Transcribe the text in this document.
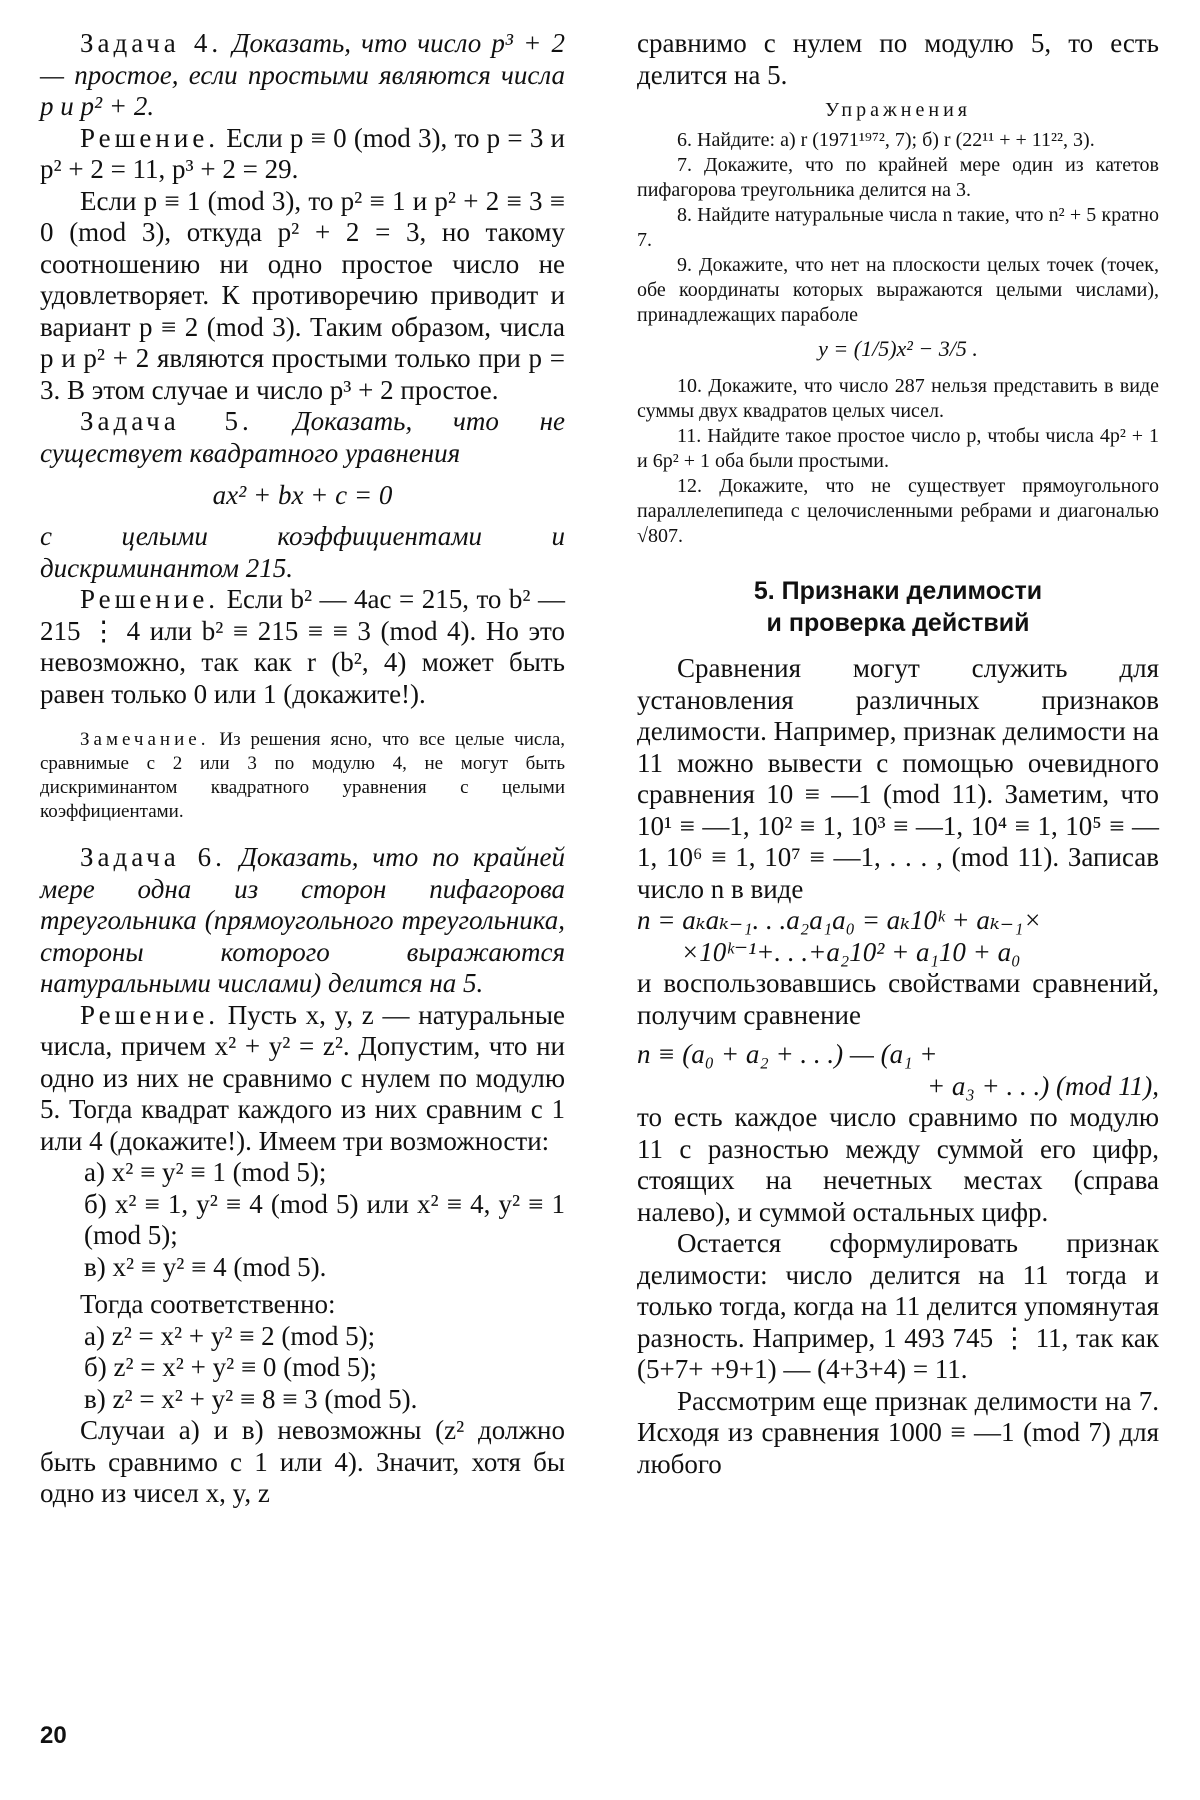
Задача 4. Доказать, что число p³ + 2 — простое, если простыми являются числа p и p² + 2.

Решение. Если p ≡ 0 (mod 3), то p = 3 и p² + 2 = 11, p³ + 2 = 29.

Если p ≡ 1 (mod 3), то p² ≡ 1 и p² + 2 ≡ 3 ≡ 0 (mod 3), откуда p² + 2 = 3, но такому соотношению ни одно простое число не удовлетворяет. К противоречию приводит и вариант p ≡ 2 (mod 3). Таким образом, числа p и p² + 2 являются простыми только при p = 3. В этом случае и число p³ + 2 простое.

Задача 5. Доказать, что не существует квадратного уравнения

ax² + bx + c = 0

с целыми коэффициентами и дискриминантом 215.

Решение. Если b² — 4ac = 215, то b² — 215 ⋮ 4 или b² ≡ 215 ≡ ≡ 3 (mod 4). Но это невозможно, так как r (b², 4) может быть равен только 0 или 1 (докажите!).

Замечание. Из решения ясно, что все целые числа, сравнимые с 2 или 3 по модулю 4, не могут быть дискриминантом квадратного уравнения с целыми коэффициентами.

Задача 6. Доказать, что по крайней мере одна из сторон пифагорова треугольника (прямоугольного треугольника, стороны которого выражаются натуральными числами) делится на 5.

Решение. Пусть x, y, z — натуральные числа, причем x² + y² = z². Допустим, что ни одно из них не сравнимо с нулем по модулю 5. Тогда квадрат каждого из них сравним с 1 или 4 (докажите!). Имеем три возможности:

а) x² ≡ y² ≡ 1 (mod 5);

б) x² ≡ 1, y² ≡ 4 (mod 5) или x² ≡ 4, y² ≡ 1 (mod 5);

в) x² ≡ y² ≡ 4 (mod 5).

Тогда соответственно:

а) z² = x² + y² ≡ 2 (mod 5);

б) z² = x² + y² ≡ 0 (mod 5);

в) z² = x² + y² ≡ 8 ≡ 3 (mod 5).

Случаи а) и в) невозможны (z² должно быть сравнимо с 1 или 4). Значит, хотя бы одно из чисел x, y, z

сравнимо с нулем по модулю 5, то есть делится на 5.

Упражнения

6. Найдите: а) r (1971¹⁹⁷², 7); б) r (22¹¹ + + 11²², 3).

7. Докажите, что по крайней мере один из катетов пифагорова треугольника делится на 3.

8. Найдите натуральные числа n такие, что n² + 5 кратно 7.

9. Докажите, что нет на плоскости целых точек (точек, обе координаты которых выражаются целыми числами), принадлежащих параболе

y = (1/5)x² − 3/5 .

10. Докажите, что число 287 нельзя представить в виде суммы двух квадратов целых чисел.

11. Найдите такое простое число p, чтобы числа 4p² + 1 и 6p² + 1 оба были простыми.

12. Докажите, что не существует прямоугольного параллелепипеда с целочисленными ребрами и диагональю √807.

5. Признаки делимости
и проверка действий

Сравнения могут служить для установления различных признаков делимости. Например, признак делимости на 11 можно вывести с помощью очевидного сравнения 10 ≡ —1 (mod 11). Заметим, что 10¹ ≡ —1, 10² ≡ 1, 10³ ≡ —1, 10⁴ ≡ 1, 10⁵ ≡ —1, 10⁶ ≡ 1, 10⁷ ≡ —1, . . . , (mod 11). Записав число n в виде

n = aₖaₖ₋₁. . .a₂a₁a₀ = aₖ10ᵏ + aₖ₋₁×

×10ᵏ⁻¹+. . .+a₂10² + a₁10 + a₀

и воспользовавшись свойствами сравнений, получим сравнение

n ≡ (a₀ + a₂ + . . .) — (a₁ +

+ a₃ + . . .) (mod 11),

то есть каждое число сравнимо по модулю 11 с разностью между суммой его цифр, стоящих на нечетных местах (справа налево), и суммой остальных цифр.

Остается сформулировать признак делимости: число делится на 11 тогда и только тогда, когда на 11 делится упомянутая разность. Например, 1 493 745 ⋮ 11, так как (5+7+ +9+1) — (4+3+4) = 11.

Рассмотрим еще признак делимости на 7. Исходя из сравнения 1000 ≡ —1 (mod 7) для любого

20
